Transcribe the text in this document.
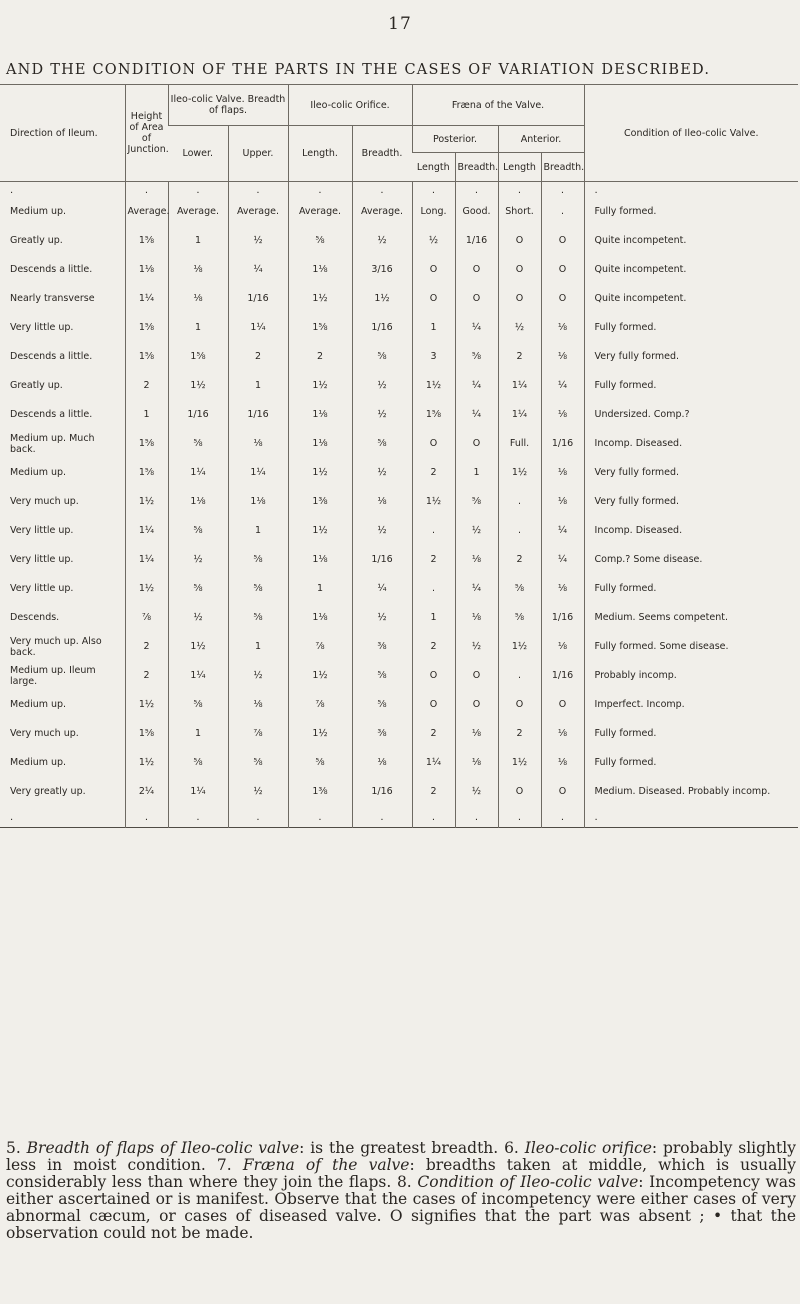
17
AND THE CONDITION OF THE PARTS IN THE CASES OF VARIATION DESCRIBED.
Direction of Ileum.	Height of Area of Junction.	Ileo-colic Valve. Breadth of flaps.		Ileo-colic Orifice.		Fræna of the Valve.				Condition of Ileo-colic Valve.
		Lower.	Upper.	Length.	Breadth.	Posterior.		Anterior.		
						Length	Breadth.	Length	Breadth.	
.	.	.	.	.	.	.	.	.	.	.
Medium up.	Average.	Average.	Average.	Average.	Average.	Long.	Good.	Short.	.	Fully formed.
Greatly up.	1⅝	1	½	⅝	½	½	1/16	O	O	Quite incompetent.
Descends a little.	1⅛	⅛	¼	1⅛	3/16	O	O	O	O	Quite incompetent.
Nearly transverse	1¼	⅛	1/16	1½	1½	O	O	O	O	Quite incompetent.
Very little up.	1⅝	1	1¼	1⅝	1/16	1	¼	½	⅛	Fully formed.
Descends a little.	1⅝	1⅝	2	2	⅝	3	⅝	2	⅛	Very fully formed.
Greatly up.	2	1½	1	1½	½	1½	¼	1¼	¼	Fully formed.
Descends a little.	1	1/16	1/16	1⅛	½	1⅝	¼	1¼	⅛	Undersized. Comp.?
Medium up. Much back.	1⅝	⅝	⅛	1⅛	⅝	O	O	Full.	1/16	Incomp. Diseased.
Medium up.	1⅝	1¼	1¼	1½	½	2	1	1½	⅛	Very fully formed.
Very much up.	1½	1⅛	1⅛	1⅜	⅛	1½	⅝	.	⅛	Very fully formed.
Very little up.	1¼	⅝	1	1½	½	.	½	.	¼	Incomp. Diseased.
Very little up.	1¼	½	⅝	1⅛	1/16	2	⅛	2	¼	Comp.? Some disease.
Very little up.	1½	⅝	⅝	1	¼	.	¼	⅝	⅛	Fully formed.
Descends.	⅞	½	⅝	1⅛	½	1	⅛	⅝	1/16	Medium. Seems competent.
Very much up. Also back.	2	1½	1	⅞	⅜	2	½	1½	⅛	Fully formed. Some disease.
Medium up. Ileum large.	2	1¼	½	1½	⅝	O	O	.	1/16	Probably incomp.
Medium up.	1½	⅝	⅛	⅞	⅝	O	O	O	O	Imperfect. Incomp.
Very much up.	1⅝	1	⅞	1½	⅜	2	⅛	2	⅛	Fully formed.
Medium up.	1½	⅝	⅝	⅝	⅛	1¼	⅛	1½	⅛	Fully formed.
Very greatly up.	2¼	1¼	½	1⅜	1/16	2	½	O	O	Medium. Diseased. Probably incomp.
.	.	.	.	.	.	.	.	.	.	.
5. Breadth of flaps of Ileo-colic valve: is the greatest breadth. 6. Ileo-colic orifice: probably slightly less in moist condition. 7. Fræna of the valve: breadths taken at middle, which is usually considerably less than where they join the flaps. 8. Condition of Ileo-colic valve: Incompetency was either ascertained or is manifest. Observe that the cases of incompetency were either cases of very abnormal cæcum, or cases of diseased valve. O signifies that the part was absent ; • that the observation could not be made.
